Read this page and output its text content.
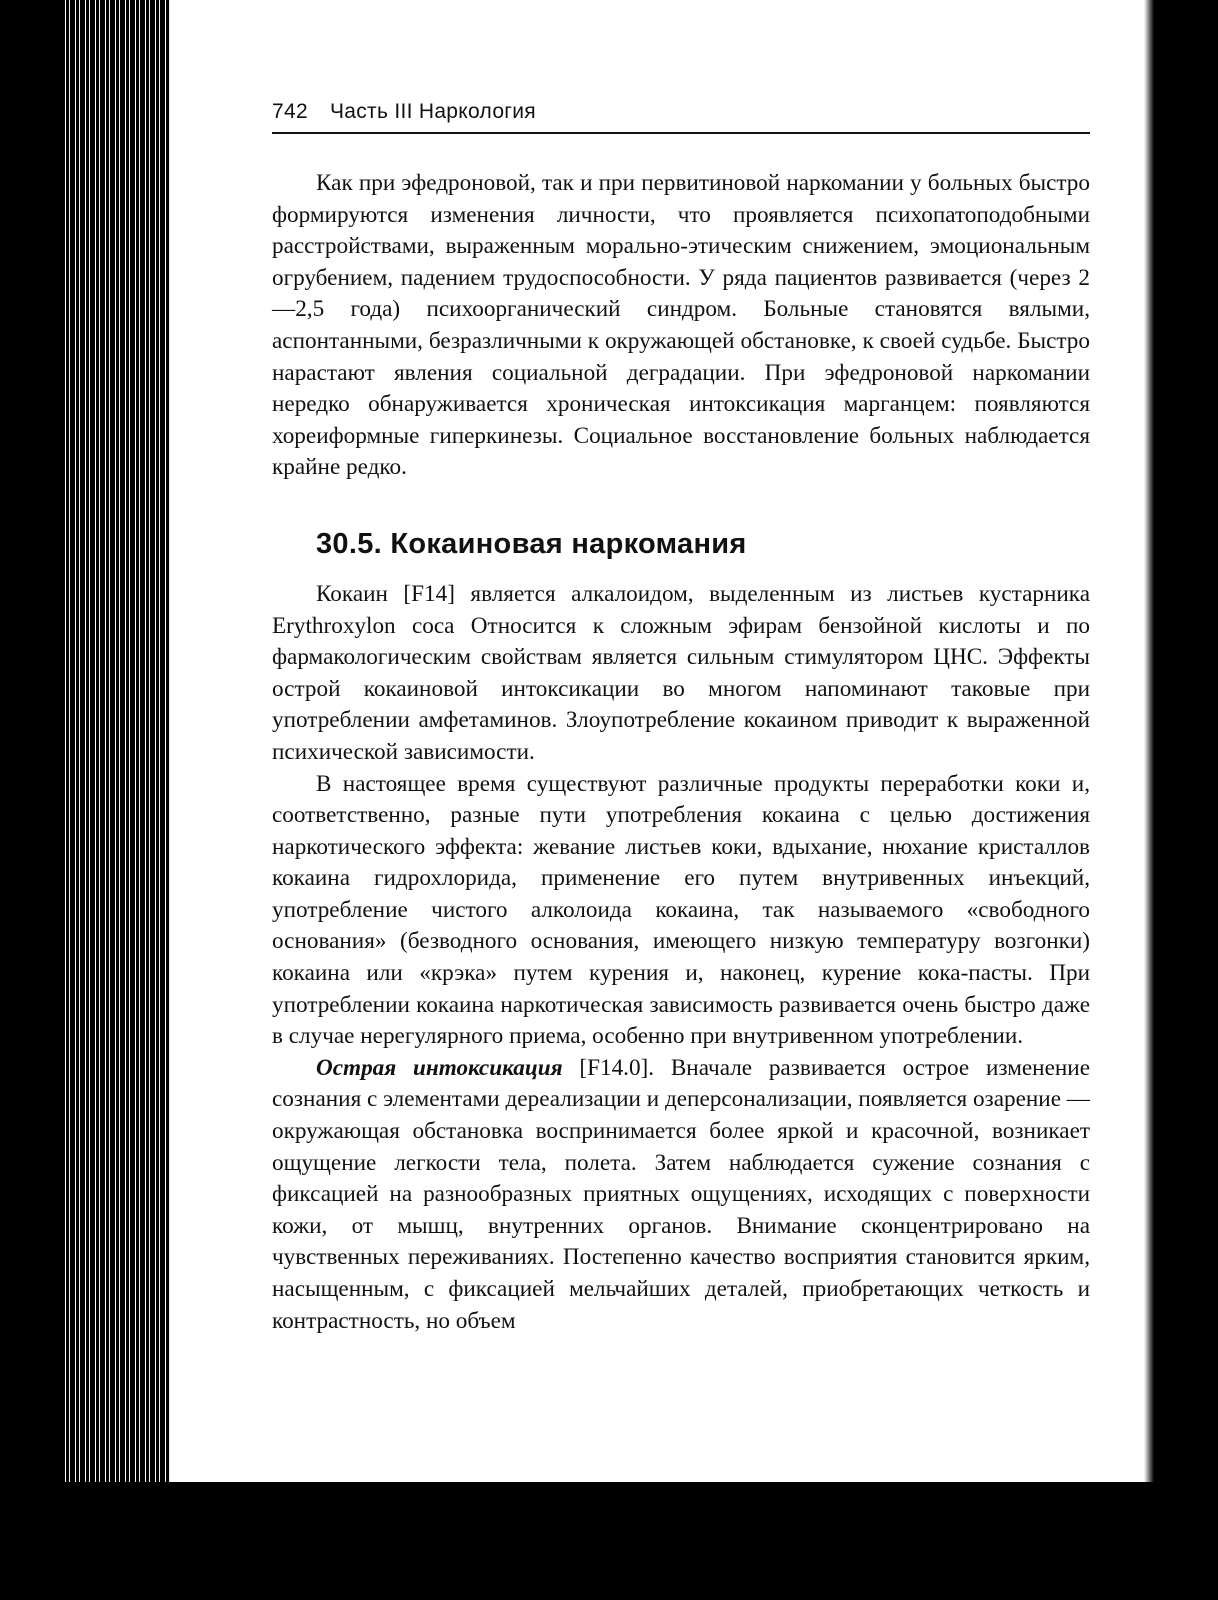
742 Часть III Наркология

Как при эфедроновой, так и при первитиновой наркомании у больных быстро формируются изменения личности, что проявляется психопатоподобными расстройствами, выраженным морально-этическим снижением, эмоциональным огрубением, падением трудоспособности. У ряда пациентов развивается (через 2—2,5 года) психоорганический синдром. Больные становятся вялыми, аспонтанными, безразличными к окружающей обстановке, к своей судьбе. Быстро нарастают явления социальной деградации. При эфедроновой наркомании нередко обнаруживается хроническая интоксикация марганцем: появляются хореиформные гиперкинезы. Социальное восстановление больных наблюдается крайне редко.

30.5. Кокаиновая наркомания

Кокаин [F14] является алкалоидом, выделенным из листьев кустарника Erythroxylon coca Относится к сложным эфирам бензойной кислоты и по фармакологическим свойствам является сильным стимулятором ЦНС. Эффекты острой кокаиновой интоксикации во многом напоминают таковые при употреблении амфетаминов. Злоупотребление кокаином приводит к выраженной психической зависимости.

В настоящее время существуют различные продукты переработки коки и, соответственно, разные пути употребления кокаина с целью достижения наркотического эффекта: жевание листьев коки, вдыхание, нюхание кристаллов кокаина гидрохлорида, применение его путем внутривенных инъекций, употребление чистого алколоида кокаина, так называемого «свободного основания» (безводного основания, имеющего низкую температуру возгонки) кокаина или «крэка» путем курения и, наконец, курение кока-пасты. При употреблении кокаина наркотическая зависимость развивается очень быстро даже в случае нерегулярного приема, особенно при внутривенном употреблении.

Острая интоксикация [F14.0]. Вначале развивается острое изменение сознания с элементами дереализации и деперсонализации, появляется озарение — окружающая обстановка воспринимается более яркой и красочной, возникает ощущение легкости тела, полета. Затем наблюдается сужение сознания с фиксацией на разнообразных приятных ощущениях, исходящих с поверхности кожи, от мышц, внутренних органов. Внимание сконцентрировано на чувственных переживаниях. Постепенно качество восприятия становится ярким, насыщенным, с фиксацией мельчайших деталей, приобретающих четкость и контрастность, но объем
